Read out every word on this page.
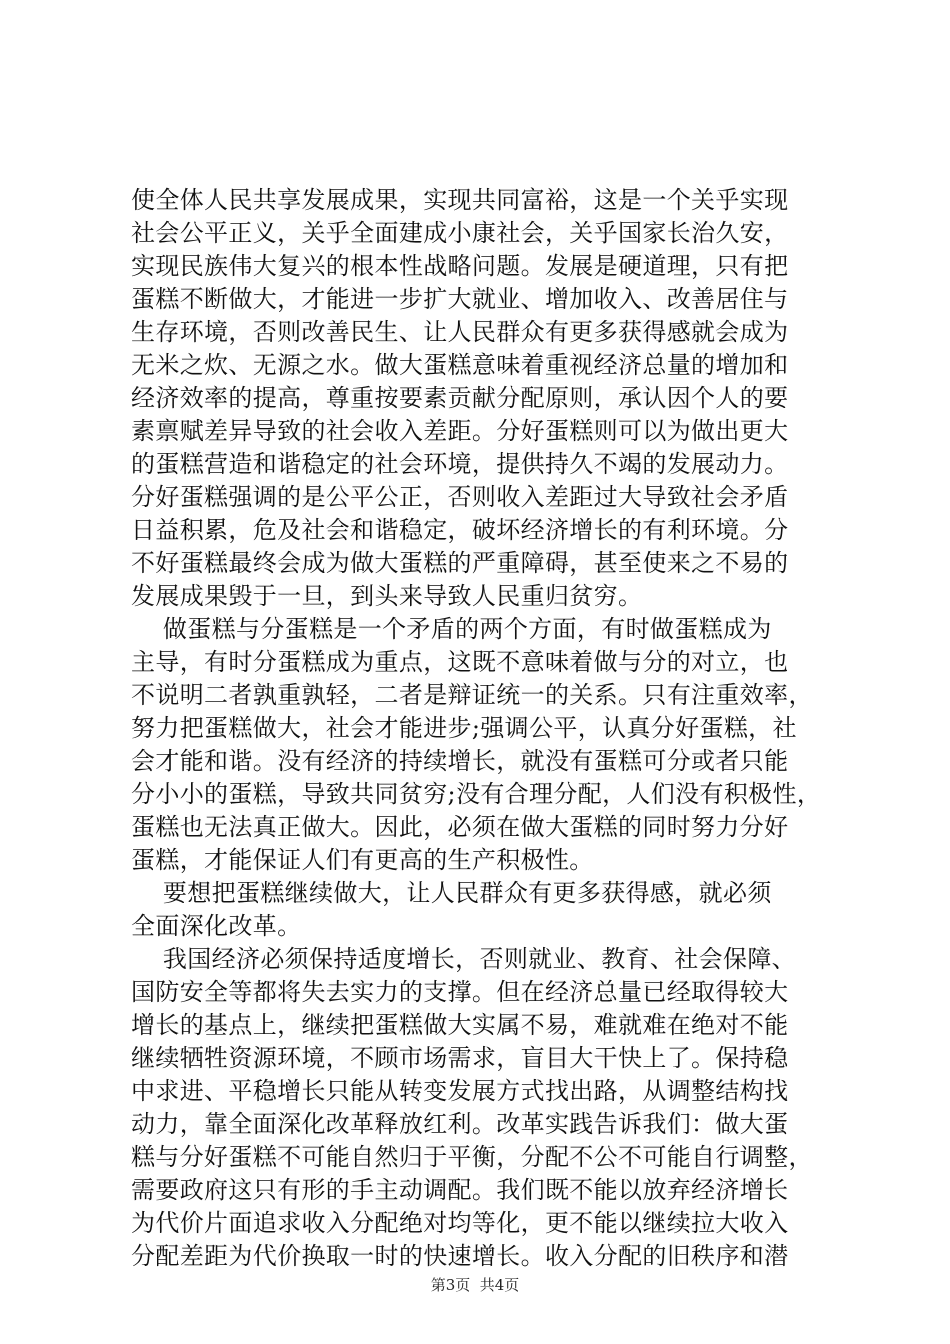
使全体人民共享发展成果，实现共同富裕，这是一个关乎实现
社会公平正义，关乎全面建成小康社会，关乎国家长治久安，
实现民族伟大复兴的根本性战略问题。发展是硬道理，只有把
蛋糕不断做大，才能进一步扩大就业、增加收入、改善居住与
生存环境，否则改善民生、让人民群众有更多获得感就会成为
无米之炊、无源之水。做大蛋糕意味着重视经济总量的增加和
经济效率的提高，尊重按要素贡献分配原则，承认因个人的要
素禀赋差异导致的社会收入差距。分好蛋糕则可以为做出更大
的蛋糕营造和谐稳定的社会环境，提供持久不竭的发展动力。
分好蛋糕强调的是公平公正，否则收入差距过大导致社会矛盾
日益积累，危及社会和谐稳定，破坏经济增长的有利环境。分
不好蛋糕最终会成为做大蛋糕的严重障碍，甚至使来之不易的
发展成果毁于一旦，到头来导致人民重归贫穷。
做蛋糕与分蛋糕是一个矛盾的两个方面，有时做蛋糕成为
主导，有时分蛋糕成为重点，这既不意味着做与分的对立，也
不说明二者孰重孰轻，二者是辩证统一的关系。只有注重效率，
努力把蛋糕做大，社会才能进步;强调公平，认真分好蛋糕，社
会才能和谐。没有经济的持续增长，就没有蛋糕可分或者只能
分小小的蛋糕，导致共同贫穷;没有合理分配，人们没有积极性，
蛋糕也无法真正做大。因此，必须在做大蛋糕的同时努力分好
蛋糕，才能保证人们有更高的生产积极性。
要想把蛋糕继续做大，让人民群众有更多获得感，就必须
全面深化改革。
我国经济必须保持适度增长，否则就业、教育、社会保障、
国防安全等都将失去实力的支撑。但在经济总量已经取得较大
增长的基点上，继续把蛋糕做大实属不易，难就难在绝对不能
继续牺牲资源环境，不顾市场需求，盲目大干快上了。保持稳
中求进、平稳增长只能从转变发展方式找出路，从调整结构找
动力，靠全面深化改革释放红利。改革实践告诉我们：做大蛋
糕与分好蛋糕不可能自然归于平衡，分配不公不可能自行调整，
需要政府这只有形的手主动调配。我们既不能以放弃经济增长
为代价片面追求收入分配绝对均等化，更不能以继续拉大收入
分配差距为代价换取一时的快速增长。收入分配的旧秩序和潜
第3页  共4页
